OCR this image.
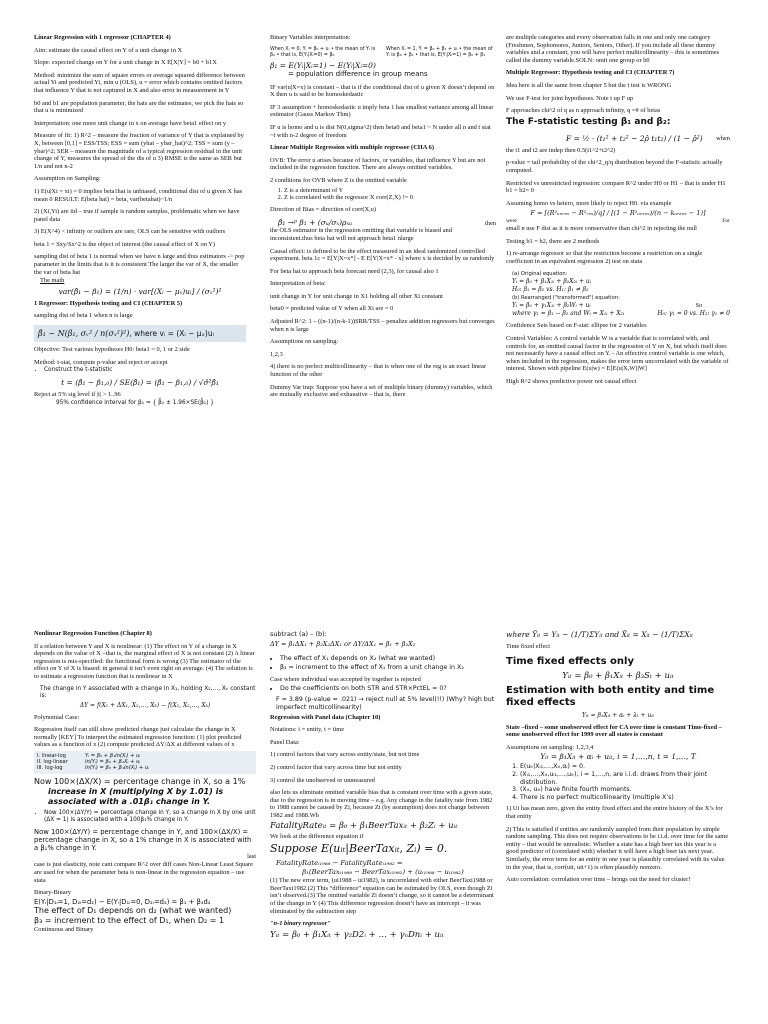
Linear Regression with 1 regressor (CHAPTER 4)

Aim: estimate the causal effect on Y of a unit change in X

Slope: expected change on Y for a unit change in X E[X|Y] = b0 + b1X

Method: minimize the sum of square errors or average squared difference between actual Yi and predicted Yi, min u (OLS), u = error which contains omitted factors that influence Y that is not captured in X and also error in measurement in Y

b0 and b1 are population parameter, the hats are the estimates, we pick the hats so that u is minimized

Interpretation: one more unit change in x on average have beta1 effect on y

Measure of fit: 1) R^2 – measure the fraction of variance of Y that is explained by X, between [0,1] = ESS/TSS; ESS = sum (yhat – ybar_hat)^2; TSS = sum (y – ybar)^2; SER – measure the magnitude of a typical regression residual in the unit change of Y, measures the spread of the dis of u 3) RMSE is the same as SER but 1/n and not n-2

Assumption on Sampling:

1) E(u|Xi = xi) = 0 implies beta1hat is unbiased, conditional dist of u given X has mean 0 RESULT: E(beta hat) = beta, var(betahat)~1/n

2) (Xi,Yi) are iid – true if sample is random samples, problematic when we have panel data

3) E(X^4) < infinity or outliers are rare, OLS can be sensitive with outliers

beta 1 = Sxy/Sx^2 is the object of interest (the causal effect of X on Y)

sampling dist of beta 1 is normal when we have n large and thus estimators -> pop parameter in the limits that is it is consistent The larger the var of X, the smaller the var of beta hat

The math
var(β̂₁ − β₁) = (1/n) · var[(Xᵢ − μₓ)uᵢ] / (σₓ²)²

1 Regressor: Hypothesis testing and CI (CHAPTER 5)

sampling dist of beta 1 when n is large

β̂₁ ~ N(β₁, σᵥ² / n(σₓ²)²), where vᵢ = (Xᵢ − μₓ)uᵢ

Objective: Test various hypotheses H0: beta1 = 0, 1 or 2 side

Method: t-stat, compute p-value and reject or accept

• Construct the t-statistic
t = (β̂₁ − β₁,₀) / SE(β̂₁) = (β̂₁ − β₁,₀) / √σ̂²β̂₁

Reject at 5% sig level if |t| > 1..96

95% confidence interval for β₁ = { β̂₁ ± 1.96×SE(β̂₁) }

Binary Variables interpretation:

When Xᵢ = 0, Yᵢ = β₀ + uᵢ • the mean of Yᵢ is β₀ • that is, E(Yᵢ|Xᵢ=0) = β₀
When Xᵢ = 1, Yᵢ = β₀ + β₁ + uᵢ • the mean of Yᵢ is β₀ + β₁ • that is, E(Yᵢ|Xᵢ=1) = β₀ + β₁
β₁ = E(Yᵢ|Xᵢ=1) − E(Yᵢ|Xᵢ=0)
= population difference in group means

IF var(u|X=x) is constant – that is if the conditional dist of u given X doesn’t depend on X then u is said to be homoskedastic

IF 3 assumption + homoskedastic u imply beta 1 has smallest variance among all linear estimator (Gauss Markov Thm)

IF u is homo and u is dist N(0,sigma^2) then beta0 and beta1 ~ N under all n and t stat ~t with n-2 degree of freedom

Linear Multiple Regression with multiple regressor (CHA 6)

OVB: The error u arises because of factors, or variables, that influence Y but are not included in the regression function. There are always omitted variables.

2 conditions for OVB where Z is the omitted variable

1. Z is a determinant of Y
2. Z is correlated with the regressor X corr(Z,X) != 0

Direction of Bias = direction of corr(X,u)

β̂₁ →ᵖ β₁ + (σᵤ/σₓ)ρₓᵤ	then

the OLS estimator in the regression omitting that variable is biased and inconsistent.thus beta hat will not approach beta1 nlarge

Causal effect: is defined to be the effect measured in an ideal randomized controlled experiment. beta 1c = E[Y|X=x*] - E E[Y|X=x* - x] where x is decided by us randomly

For beta hat to approach beta forecast need (2,3), for causal also 1

Interpretation of beta:

unit change in Y for unit change in X1 holding all other Xi constant

beta0 = predicted value of Y when all Xi are = 0

Adjusted R^2: 1 – ((n-1)/(n-k-1))SRR/TSS – penalize addition regressors but converges when n is large

Assumptions on sampling:

1,2,3

4) there is no perfect multicollinearity – that is when one of the reg is an exact linear function of the other

Dummy Var trap: Suppose you have a set of multiple binary (dummy) variables, which are mutually exclusive and exhaustive – that is, there

are multiple categories and every observation falls in one and only one category (Freshmen, Sophomores, Juniors, Seniors, Other). If you include all these dummy variables and a constant, you will have perfect multicollinearity – this is sometimes called the dummy variable.SOLN: omit one group or b0

Multiple Regressor: Hypothesis testing and CI (CHAPTER 7)

Idea here is all the same from chapter 5 but the t test is WRONG

We use F-test for joint hypotheses. Note t up F up

F approaches chi^2 of q as n approach infinity, q =# of betas

The F-statistic testing β₁ and β₂:
F = ½ · (t₁² + t₂² − 2ρ̂ t₁t₂) / (1 − ρ̂²) when

the t1 and t2 are indep then 0.5(t1^2+t2^2)

p-value = tail probability of the chi^2_q/q distribution beyond the F-statistic actually computed.

Restricted vs unrestricted regression: compare R^2 under H0 or H1 – that is under H1 b1 = b2= 0

Assuming homo vs hetero, more likely to reject H0. via example

F = [(R²ᵤₙᵣₑₛ − R²ᵣₑₛ)/q] / [(1 − R²ᵤₙᵣₑₛ)/(n − kᵤₙᵣₑₛ − 1)]
were	For

small n use F dist as it is more conservative than chi^2 in rejecting the null

Testing b1 = b2, there are 2 methods

1) re-arrange regressor so that the restriction become a restriction on a single coefficient in an equivalent regression 2) test on stata

(a) Original equation:
Yᵢ = β₀ + β₁X₁ᵢ + β₂X₂ᵢ + uᵢ
H₀: β₁ = β₂ vs. H₁: β₁ ≠ β₂
(b) Rearranged ("transformed") equation:
Yᵢ = β₀ + γ₁X₁ᵢ + β₂Wᵢ + uᵢ	So
where γ₁ = β₁ − β₂ and Wᵢ = X₁ᵢ + X₂ᵢ	H₀: γ₁ = 0 vs. H₁: γ₁ ≠ 0

Confidence Sets based on F-stat: ellipse for 2 variables

Control Variables: A control variable W is a variable that is correlated with, and controls for, an omitted causal factor in the regression of Y on X, but which itself does not necessarily have a causal effect on Y. - An effective control variable is one which, when included in the regression, makes the error term uncorrelated with the variable of interest. Shown with pipeline E(u|w) = E[E(u|X,W)|W]

High R^2 shows predictive power not causal effect

Nonlinear Regression Function (Chapter 8)

If a relation between Y and X is nonlinear: (1) The effect on Y of a change in X depends on the value of X –that is, the marginal effect of X is not constant (2) A linear regression is mis-specified: the functional form is wrong (3) The estimator of the effect on Y of X is biased: in general it isn’t even right on average. (4) The solution is to estimate a regression function that is nonlinear in X

The change in Y associated with a change in X₁, holding X₂,…, Xₖ constant is:
ΔY = f(X₁ + ΔX₁, X₂,…, Xₖ) − f(X₁, X₂,…, Xₖ)

Polynomial Case:

Regression itself can still show predicted change just calculate the change in X normally [KEY] To interpret the estimated regression function: (1) plot predicted values as a function of x (2) compute predicted ΔY/ΔX at different values of x

I. linear-log	Yᵢ = β₀ + β₁ln(Xᵢ) + uᵢ
II. log-linear	ln(Yᵢ) = β₀ + β₁Xᵢ + uᵢ
III. log-log	ln(Yᵢ) = β₀ + β₁ln(Xᵢ) + uᵢ
Now 100×(ΔX/X) = percentage change in X, so a 1%
increase in X (multiplying X by 1.01) is associated with a .01β₁ change in Y.
• Now 100×(ΔY/Y) = percentage change in Y, so a change in X by one unit (ΔX = 1) is associated with a 100β₁% change in Y.
Now 100×(ΔY/Y) = percentage change in Y, and 100×(ΔX/X) = percentage change in X, so a 1% change in X is associated with a β₁% change in Y.
last

case is just elasticity, note cant compare R^2 over diff cases Non-Linear Least Square are used for when the parameter beta is non-linear in the regression equaiton – use stata

Binary-Binary

E(Yᵢ|D₁ᵢ=1, D₂ᵢ=d₂) − E(Yᵢ|D₁ᵢ=0, D₂ᵢ=d₂) = β₁ + β₃d₂
The effect of D₁ depends on d₂ (what we wanted)
β₃ = increment to the effect of D₁, when D₂ = 1
Continuous and Binary
subtract (a) – (b):
ΔY = β₁ΔX₁ + β₂X₂ΔX₁ or ΔY/ΔX₁ = β₁ + β₂X₂
• The effect of X₁ depends on X₂ (what we wanted)
• β₃ = increment to the effect of X₁ from a unit change in X₂

Case where individual was accepted by together is rejected

• Do the coefficients on both STR and STR×PctEL = 0?
F = 3.89 (p-value = .021) → reject null at 5% level(!!) (Why? high but imperfect multicollinearity)

Regression with Panel data (Chapter 10)

Notations: i = entity, t = time

Panel Data:

1) control factors that vary across entity/state, but not time

2) control factor that vary across time but not entity

3) control the unobserved or unmeasured

also lets us eliminate omitted variable bias that is constant over time with a given state, due to the regression is in moving time – e.g. Any change in the fatality rate from 1982 to 1988 cannot be caused by Zi, because Zi (by assumption) does not change between 1982 and 1988.Wh

FatalityRateᵢₜ = β₀ + β₁BeerTaxᵢₜ + β₂Zᵢ + uᵢₜ

We look at the difference equation if

Suppose E(uᵢₜ|BeerTaxᵢₜ, Zᵢ) = 0.
FatalityRateᵢ₁₉₈₈ − FatalityRateᵢ₁₉₈₂ =
β₁(BeerTaxᵢ₁₉₈₈ − BeerTaxᵢ₁₉₈₂) + (uᵢ₁₉₈₈ − uᵢ₁₉₈₂)

(1) The new error term, (ui1988 – ui1982), is uncorrelated with either BeerTaxi1988 or BeerTaxi1982.(2) This “difference” equation can be estimated by OLS, even though Zi isn’t observed.(3) The omitted variable Zi doesn’t change, so it cannot be a determinant of the change in Y (4) This difference regression doesn’t have an intercept – it was eliminated by the subtraction step

"n-1 binary regressor"
Yᵢₜ = β₀ + β₁Xᵢₜ + γ₂D2ᵢ + … + γₙDnᵢ + uᵢₜ
where Ỹᵢₜ = Yᵢₜ − (1/T)ΣYᵢₜ and X̃ᵢₜ = Xᵢₜ − (1/T)ΣXᵢₜ

Time fixed effect

Time fixed effects only
Yᵢₜ = β₀ + β₁Xᵢₜ + β₃Sₜ + uᵢₜ
Estimation with both entity and time fixed effects
Yᵢₜ = β₁Xᵢₜ + αᵢ + λₜ + uᵢₜ

State –fixed – some unobserved effect for CA over time is constant Time-fixed – some unobserved effect for 1999 over all states is constant

Assumptions on sampling: 1,2,3,4

Yᵢₜ = β₁Xᵢₜ + αᵢ + uᵢₜ, i = 1,…,n, t = 1,…, T
1. E(uᵢₜ|Xᵢ₁,…,Xᵢₜ,αᵢ) = 0.
2. (Xᵢ₁,…,Xᵢₜ,uᵢ₁,…,uᵢₜ), i = 1,…,n, are i.i.d. draws from their joint distribution.
3. (Xᵢₜ, uᵢₜ) have finite fourth moments.
4. There is no perfect multicollinearity (multiple X’s)

1) Ui has mean zero, given the entity fixed effect and the entire history of the X’s for that entity

2) This is satisfied if entities are randomly sampled from their population by simple random sampling. This does not require observations to be i.i.d. over time for the same entity – that would be unrealistic. Whether a state has a high beer tax this year is a good predictor of (correlated with) whether it will have a high beer tax next year. Similarly, the error term for an entity in one year is plausibly correlated with its value in the year, that is, corr(uit, uit+1) is often plausibly nonzero.

Auto correlation: corrolation over time – brings out the need for cluster!
